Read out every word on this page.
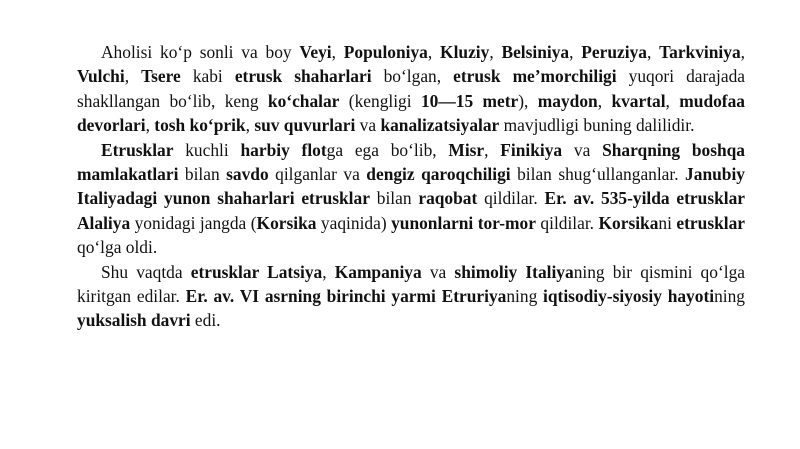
Aholisi ko‘p sonli va boy Veyi, Populoniya, Kluziy, Belsiniya, Peruziya, Tarkviniya, Vulchi, Tsere kabi etrusk shaharlari bo‘lgan, etrusk me’morchiligi yuqori darajada shakllangan bo‘lib, keng ko‘chalar (kengligi 10—15 metr), maydon, kvartal, mudofaa devorlari, tosh ko‘prik, suv quvurlari va kanalizatsiyalar mavjudligi buning dalilidir.

Etrusklar kuchli harbiy flotga ega bo‘lib, Misr, Finikiya va Sharqning boshqa mamlakatlari bilan savdo qilganlar va dengiz qaroqchiligi bilan shug‘ullanganlar. Janubiy Italiyadagi yunon shaharlari etrusklar bilan raqobat qildilar. Er. av. 535-yilda etrusklar Alaliya yonidagi jangda (Korsika yaqinida) yunonlarni tor-mor qildilar. Korsikani etrusklar qo‘lga oldi.

Shu vaqtda etrusklar Latsiya, Kampaniya va shimoliy Italiyaning bir qismini qo‘lga kiritgan edilar. Er. av. VI asrning birinchi yarmi Etruriyaning iqtisodiy-siyosiy hayotining yuksalish davri edi.
